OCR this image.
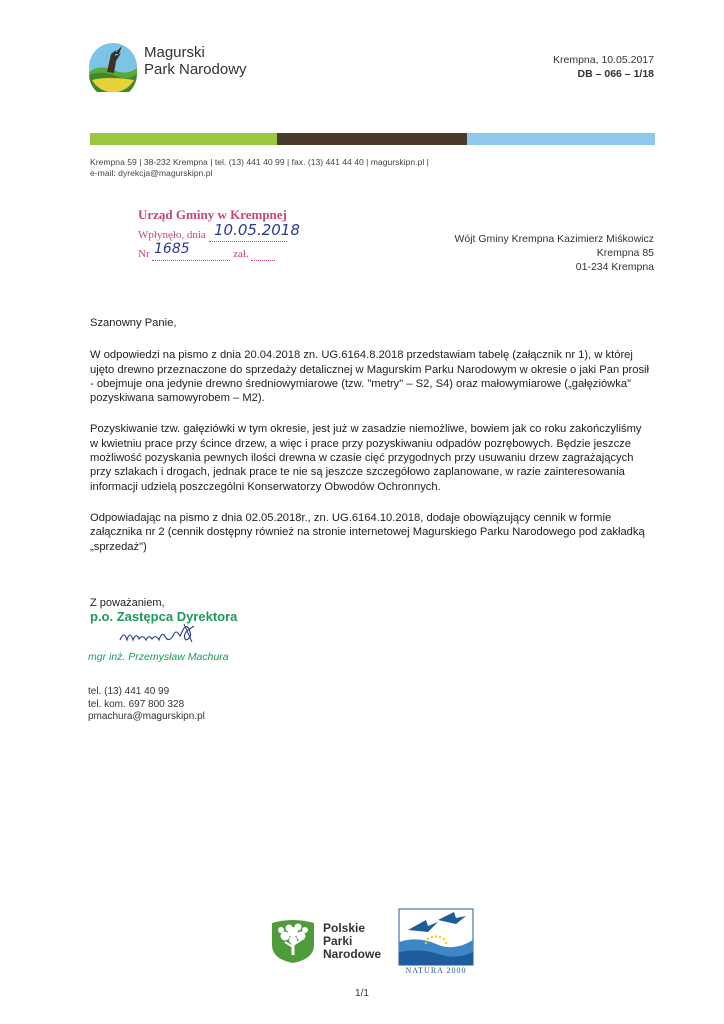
Magurski
Park Narodowy
Krempna, 10.05.2017
DB – 066 – 1/18
Krempna 59 | 38-232 Krempna | tel. (13) 441 40 99 | fax. (13) 441 44 40 | magurskipn.pl |
e-mail: dyrekcja@magurskipn.pl
Urząd Gminy w Krempnej
Wpłynęło, dnia 10.05.2018
Nr 1685	zał.
Wójt Gminy Krempna Kazimierz Miśkowicz
Krempna 85
01-234 Krempna

Szanowny Panie,

W odpowiedzi na pismo z dnia 20.04.2018 zn. UG.6164.8.2018 przedstawiam tabelę (załącznik nr 1), w której ujęto drewno przeznaczone do sprzedaży detalicznej w Magurskim Parku Narodowym w okresie o jaki Pan prosił - obejmuje ona jedynie drewno średniowymiarowe (tzw. "metry" – S2, S4) oraz małowymiarowe („gałęziówka" pozyskiwana samowyrobem – M2).

Pozyskiwanie tzw. gałęziówki w tym okresie, jest już w zasadzie niemożliwe, bowiem jak co roku zakończyliśmy w kwietniu prace przy ścince drzew, a więc i prace przy pozyskiwaniu odpadów pozrębowych. Będzie jeszcze możliwość pozyskania pewnych ilości drewna w czasie cięć przygodnych przy usuwaniu drzew zagrażających przy szlakach i drogach, jednak prace te nie są jeszcze szczegółowo zaplanowane, w razie zainteresowania informacji udzielą poszczególni Konserwatorzy Obwodów Ochronnych.

Odpowiadając na pismo z dnia 02.05.2018r., zn. UG.6164.10.2018, dodaje obowiązujący cennik w formie załącznika nr 2 (cennik dostępny również na stronie internetowej Magurskiego Parku Narodowego pod zakładką „sprzedaż")

Z poważaniem,
p.o. Zastępca Dyrektora
mgr inż. Przemysław Machura
tel. (13) 441 40 99
tel. kom. 697 800 328
pmachura@magurskipn.pl
Polskie
Parki
Narodowe
NATURA 2000
1/1
